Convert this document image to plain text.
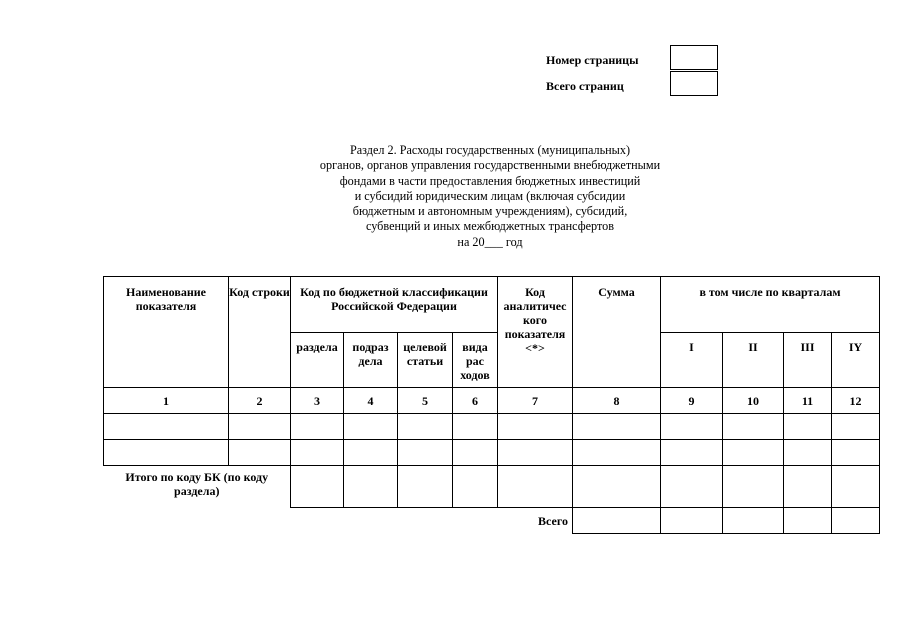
Номер страницы
Всего страниц
Раздел 2. Расходы государственных (муниципальных)
органов, органов управления государственными внебюджетными
фондами в части предоставления бюджетных инвестиций
и субсидий юридическим лицам (включая субсидии
бюджетным и автономным учреждениям), субсидий,
субвенций и иных межбюджетных трансфертов
на 20___ год
Наименование показателя	Код строки	Код по бюджетной классификации Российской Федерации				Код аналитичес кого показателя <*>	Сумма	в том числе по кварталам			
		раздела	подраз дела	целевой статьи	вида рас ходов			I	II	III	IY
1	2	3	4	5	6	7	8	9	10	11	12

Итого по коду БК (по коду раздела)											
Всего											
